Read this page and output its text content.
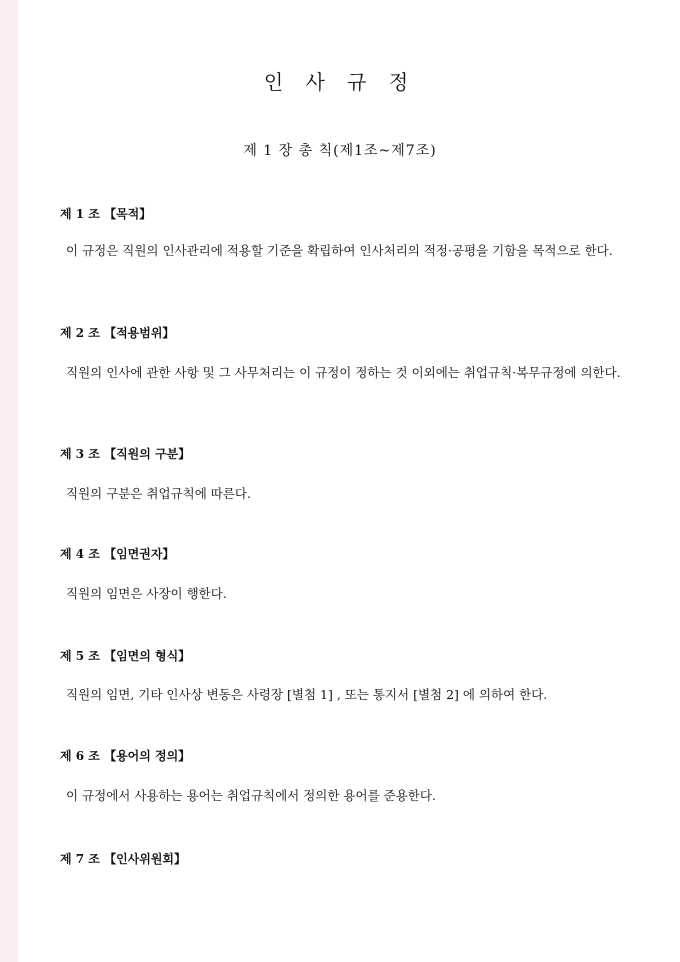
인 사 규 정
제 1 장 총 칙(제1조~제7조)

제 1 조 【목적】

이 규정은 직원의 인사관리에 적용할 기준을 확립하여 인사처리의 적정·공평을 기함을 목적으로 한다.

제 2 조 【적용범위】

직원의 인사에 관한 사항 및 그 사무처리는 이 규정이 정하는 것 이외에는 취업규칙·복무규정에 의한다.

제 3 조 【직원의 구분】

직원의 구분은 취업규칙에 따른다.

제 4 조 【임면권자】

직원의 임면은 사장이 행한다.

제 5 조 【임면의 형식】

직원의 임면, 기타 인사상 변동은 사령장 [별첨 1] , 또는 통지서 [별첨 2] 에 의하여 한다.

제 6 조 【용어의 정의】

이 규정에서 사용하는 용어는 취업규칙에서 정의한 용어를 준용한다.

제 7 조 【인사위원회】
